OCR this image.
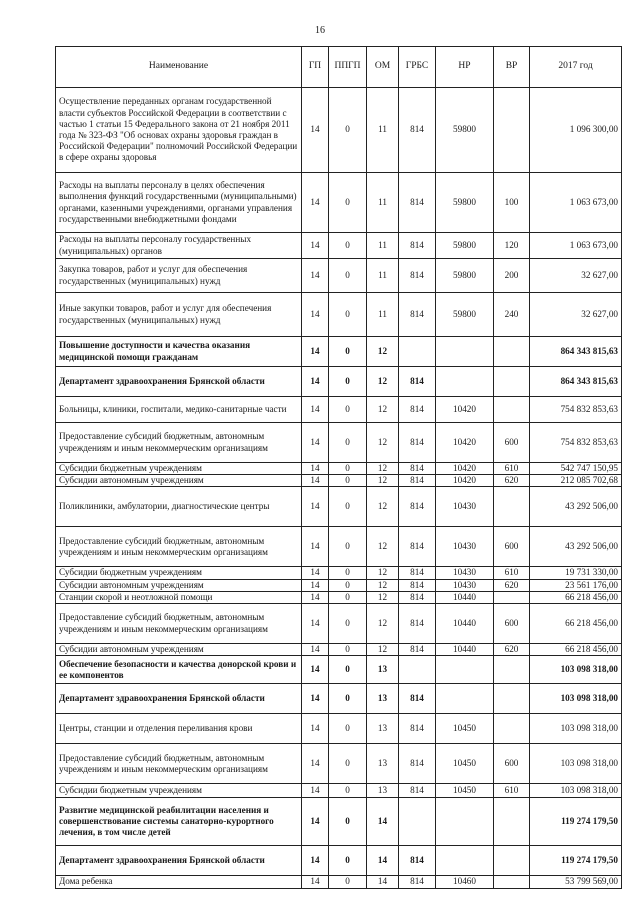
16
Наименование	ГП	ППГП	ОМ	ГРБС	НР	ВР	2017 год
Осуществление переданных органам государственной власти субъектов Российской Федерации в соответствии с частью 1 статьи 15 Федерального закона от 21 ноября 2011 года № 323-ФЗ "Об основах охраны здоровья граждан в Российской Федерации" полномочий Российской Федерации в сфере охраны здоровья	14	0	11	814	59800		1 096 300,00
Расходы на выплаты персоналу в целях обеспечения выполнения функций государственными (муниципальными) органами, казенными учреждениями, органами управления государственными внебюджетными фондами	14	0	11	814	59800	100	1 063 673,00
Расходы на выплаты персоналу государственных (муниципальных) органов	14	0	11	814	59800	120	1 063 673,00
Закупка товаров, работ и услуг для обеспечения государственных (муниципальных) нужд	14	0	11	814	59800	200	32 627,00
Иные закупки товаров, работ и услуг для обеспечения государственных (муниципальных) нужд	14	0	11	814	59800	240	32 627,00
Повышение доступности и качества оказания медицинской помощи гражданам	14	0	12				864 343 815,63
Департамент здравоохранения Брянской области	14	0	12	814			864 343 815,63
Больницы, клиники, госпитали, медико-санитарные части	14	0	12	814	10420		754 832 853,63
Предоставление субсидий бюджетным, автономным учреждениям и иным некоммерческим организациям	14	0	12	814	10420	600	754 832 853,63
Субсидии бюджетным учреждениям	14	0	12	814	10420	610	542 747 150,95
Субсидии автономным учреждениям	14	0	12	814	10420	620	212 085 702,68
Поликлиники, амбулатории, диагностические центры	14	0	12	814	10430		43 292 506,00
Предоставление субсидий бюджетным, автономным учреждениям и иным некоммерческим организациям	14	0	12	814	10430	600	43 292 506,00
Субсидии бюджетным учреждениям	14	0	12	814	10430	610	19 731 330,00
Субсидии автономным учреждениям	14	0	12	814	10430	620	23 561 176,00
Станции скорой и неотложной помощи	14	0	12	814	10440		66 218 456,00
Предоставление субсидий бюджетным, автономным учреждениям и иным некоммерческим организациям	14	0	12	814	10440	600	66 218 456,00
Субсидии автономным учреждениям	14	0	12	814	10440	620	66 218 456,00
Обеспечение безопасности и качества донорской крови и ее компонентов	14	0	13				103 098 318,00
Департамент здравоохранения Брянской области	14	0	13	814			103 098 318,00
Центры, станции и отделения переливания крови	14	0	13	814	10450		103 098 318,00
Предоставление субсидий бюджетным, автономным учреждениям и иным некоммерческим организациям	14	0	13	814	10450	600	103 098 318,00
Субсидии бюджетным учреждениям	14	0	13	814	10450	610	103 098 318,00
Развитие медицинской реабилитации населения и совершенствование системы санаторно-курортного лечения, в том числе детей	14	0	14				119 274 179,50
Департамент здравоохранения Брянской области	14	0	14	814			119 274 179,50
Дома ребенка	14	0	14	814	10460		53 799 569,00
